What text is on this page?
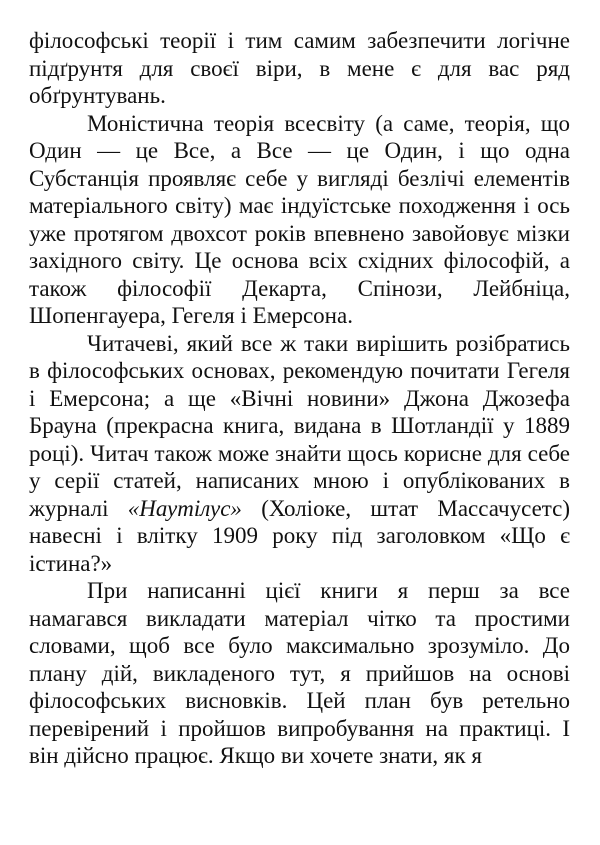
філософські теорії і тим самим забезпечити логічне підґрунтя для своєї віри, в мене є для вас ряд обґрунтувань.

Моністична теорія всесвіту (а саме, теорія, що Один — це Все, а Все — це Один, і що одна Субстанція проявляє себе у вигляді безлічі елементів матеріального світу) має індуїстське походження і ось уже протягом двохсот років впевнено завойовує мізки західного світу. Це основа всіх східних філософій, а також філософії Декарта, Спінози, Лейбніца, Шопенгауера, Гегеля і Емерсона.

Читачеві, який все ж таки вирішить розібратись в філософських основах, рекомендую почитати Гегеля і Емерсона; а ще «Вічні новини» Джона Джозефа Брауна (прекрасна книга, видана в Шотландії у 1889 році). Читач також може знайти щось корисне для себе у серії статей, написаних мною і опублікованих в журналі «Наутілус» (Холіоке, штат Массачусетс) навесні і влітку 1909 року під заголовком «Що є істина?»

При написанні цієї книги я перш за все намагався викладати матеріал чітко та простими словами, щоб все було максимально зрозуміло. До плану дій, викладеного тут, я прийшов на основі філософських висновків. Цей план був ретельно перевірений і пройшов випробування на практиці. І він дійсно працює. Якщо ви хочете знати, як я
